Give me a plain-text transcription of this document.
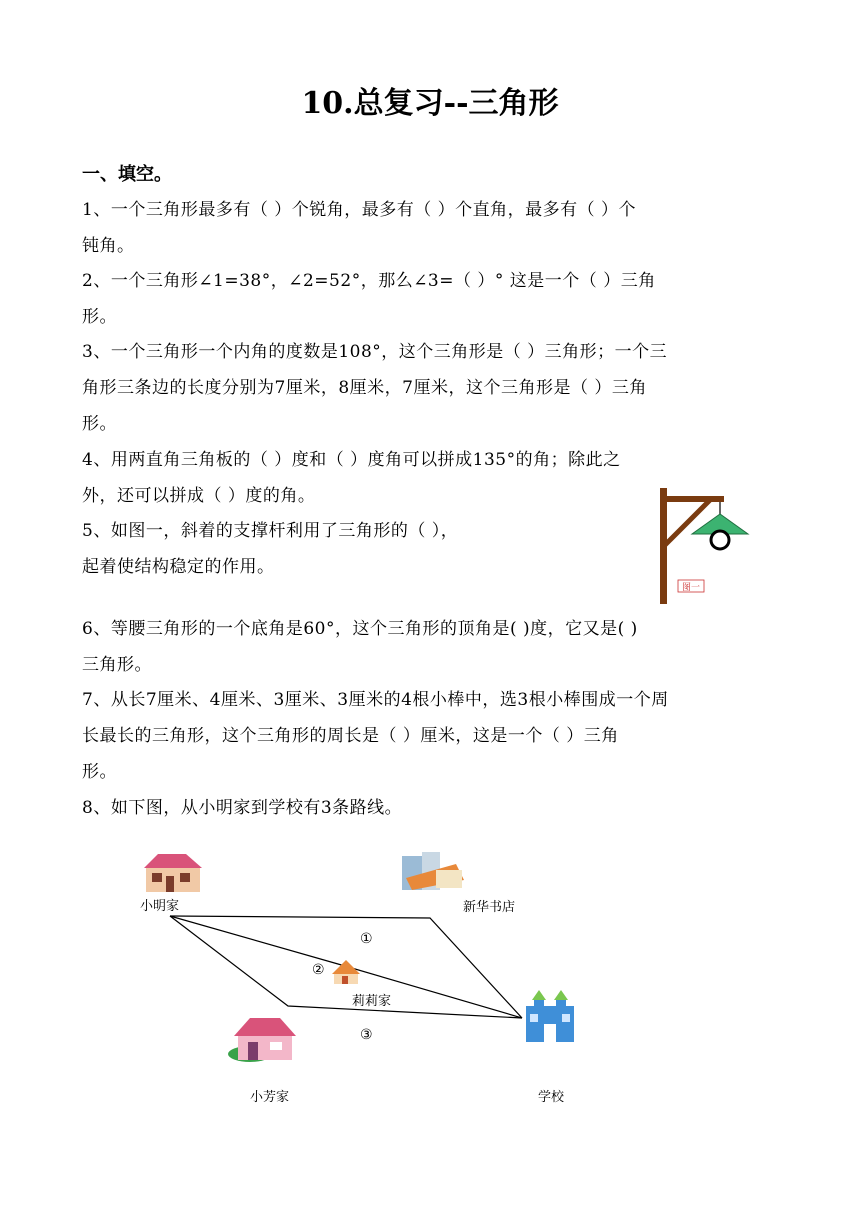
10.总复习--三角形
一、填空。

1、一个三角形最多有（ ）个锐角，最多有（ ）个直角，最多有（ ）个

钝角。

2、一个三角形∠1=38°，∠2=52°，那么∠3=（ ）° 这是一个（ ）三角

形。

3、一个三角形一个内角的度数是108°，这个三角形是（ ）三角形；一个三

角形三条边的长度分别为7厘米，8厘米，7厘米，这个三角形是（ ）三角

形。

4、用两直角三角板的（ ）度和（ ）度角可以拼成135°的角；除此之

外，还可以拼成（ ）度的角。

5、如图一，斜着的支撑杆利用了三角形的（ ），

起着使结构稳定的作用。

图一

6、等腰三角形的一个底角是60°，这个三角形的顶角是( )度，它又是( )

三角形。

7、从长7厘米、4厘米、3厘米、3厘米的4根小棒中，选3根小棒围成一个周

长最长的三角形，这个三角形的周长是（ ）厘米，这是一个（ ）三角

形。

8、如下图，从小明家到学校有3条路线。

小明家	新华书店
莉莉家
小芳家	学校
①
②
③
